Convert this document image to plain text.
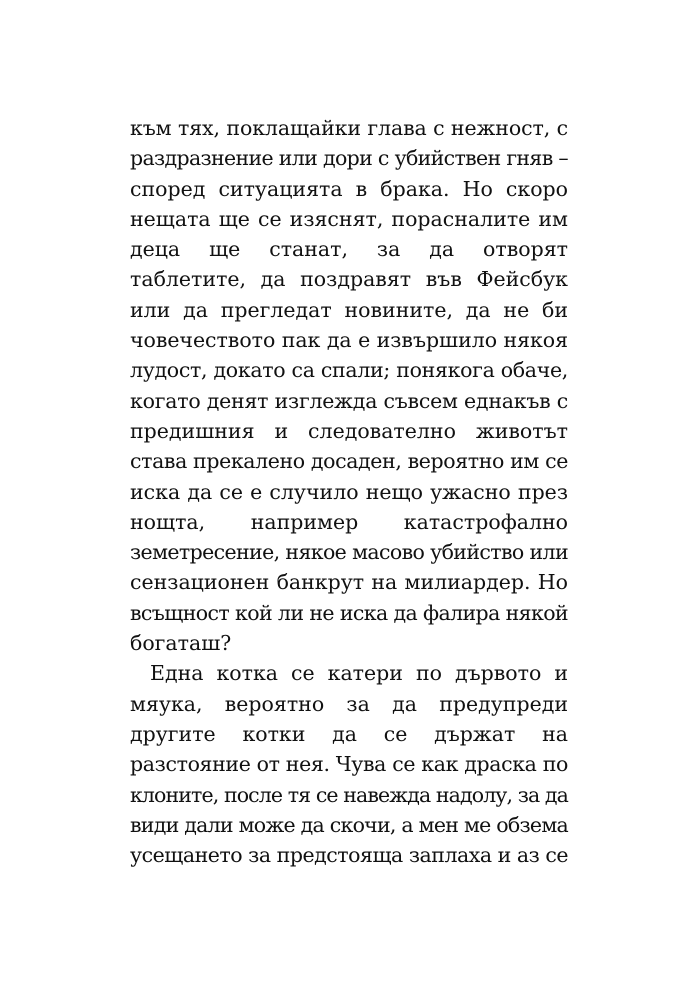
към тях, поклащайки глава с нежност, с
раздразнение или дори с убийствен гняв –
според ситуацията в брака. Но скоро
нещата ще се изяснят, порасналите им
деца ще станат, за да отворят
таблетите, да поздравят във Фейсбук
или да прегледат новините, да не би
човечеството пак да е извършило някоя
лудост, докато са спали; понякога обаче,
когато денят изглежда съвсем еднакъв с
предишния и следователно животът
става прекалено досаден, вероятно им се
иска да се е случило нещо ужасно през
нощта, например катастрофално
земетресение, някое масово убийство или
сензационен банкрут на милиардер. Но
всъщност кой ли не иска да фалира някой
богаташ?
Една котка се катери по дървото и
мяука, вероятно за да предупреди
другите котки да се държат на
разстояние от нея. Чува се как драска по
клоните, после тя се навежда надолу, за да
види дали може да скочи, а мен ме обзема
усещането за предстояща заплаха и аз се
